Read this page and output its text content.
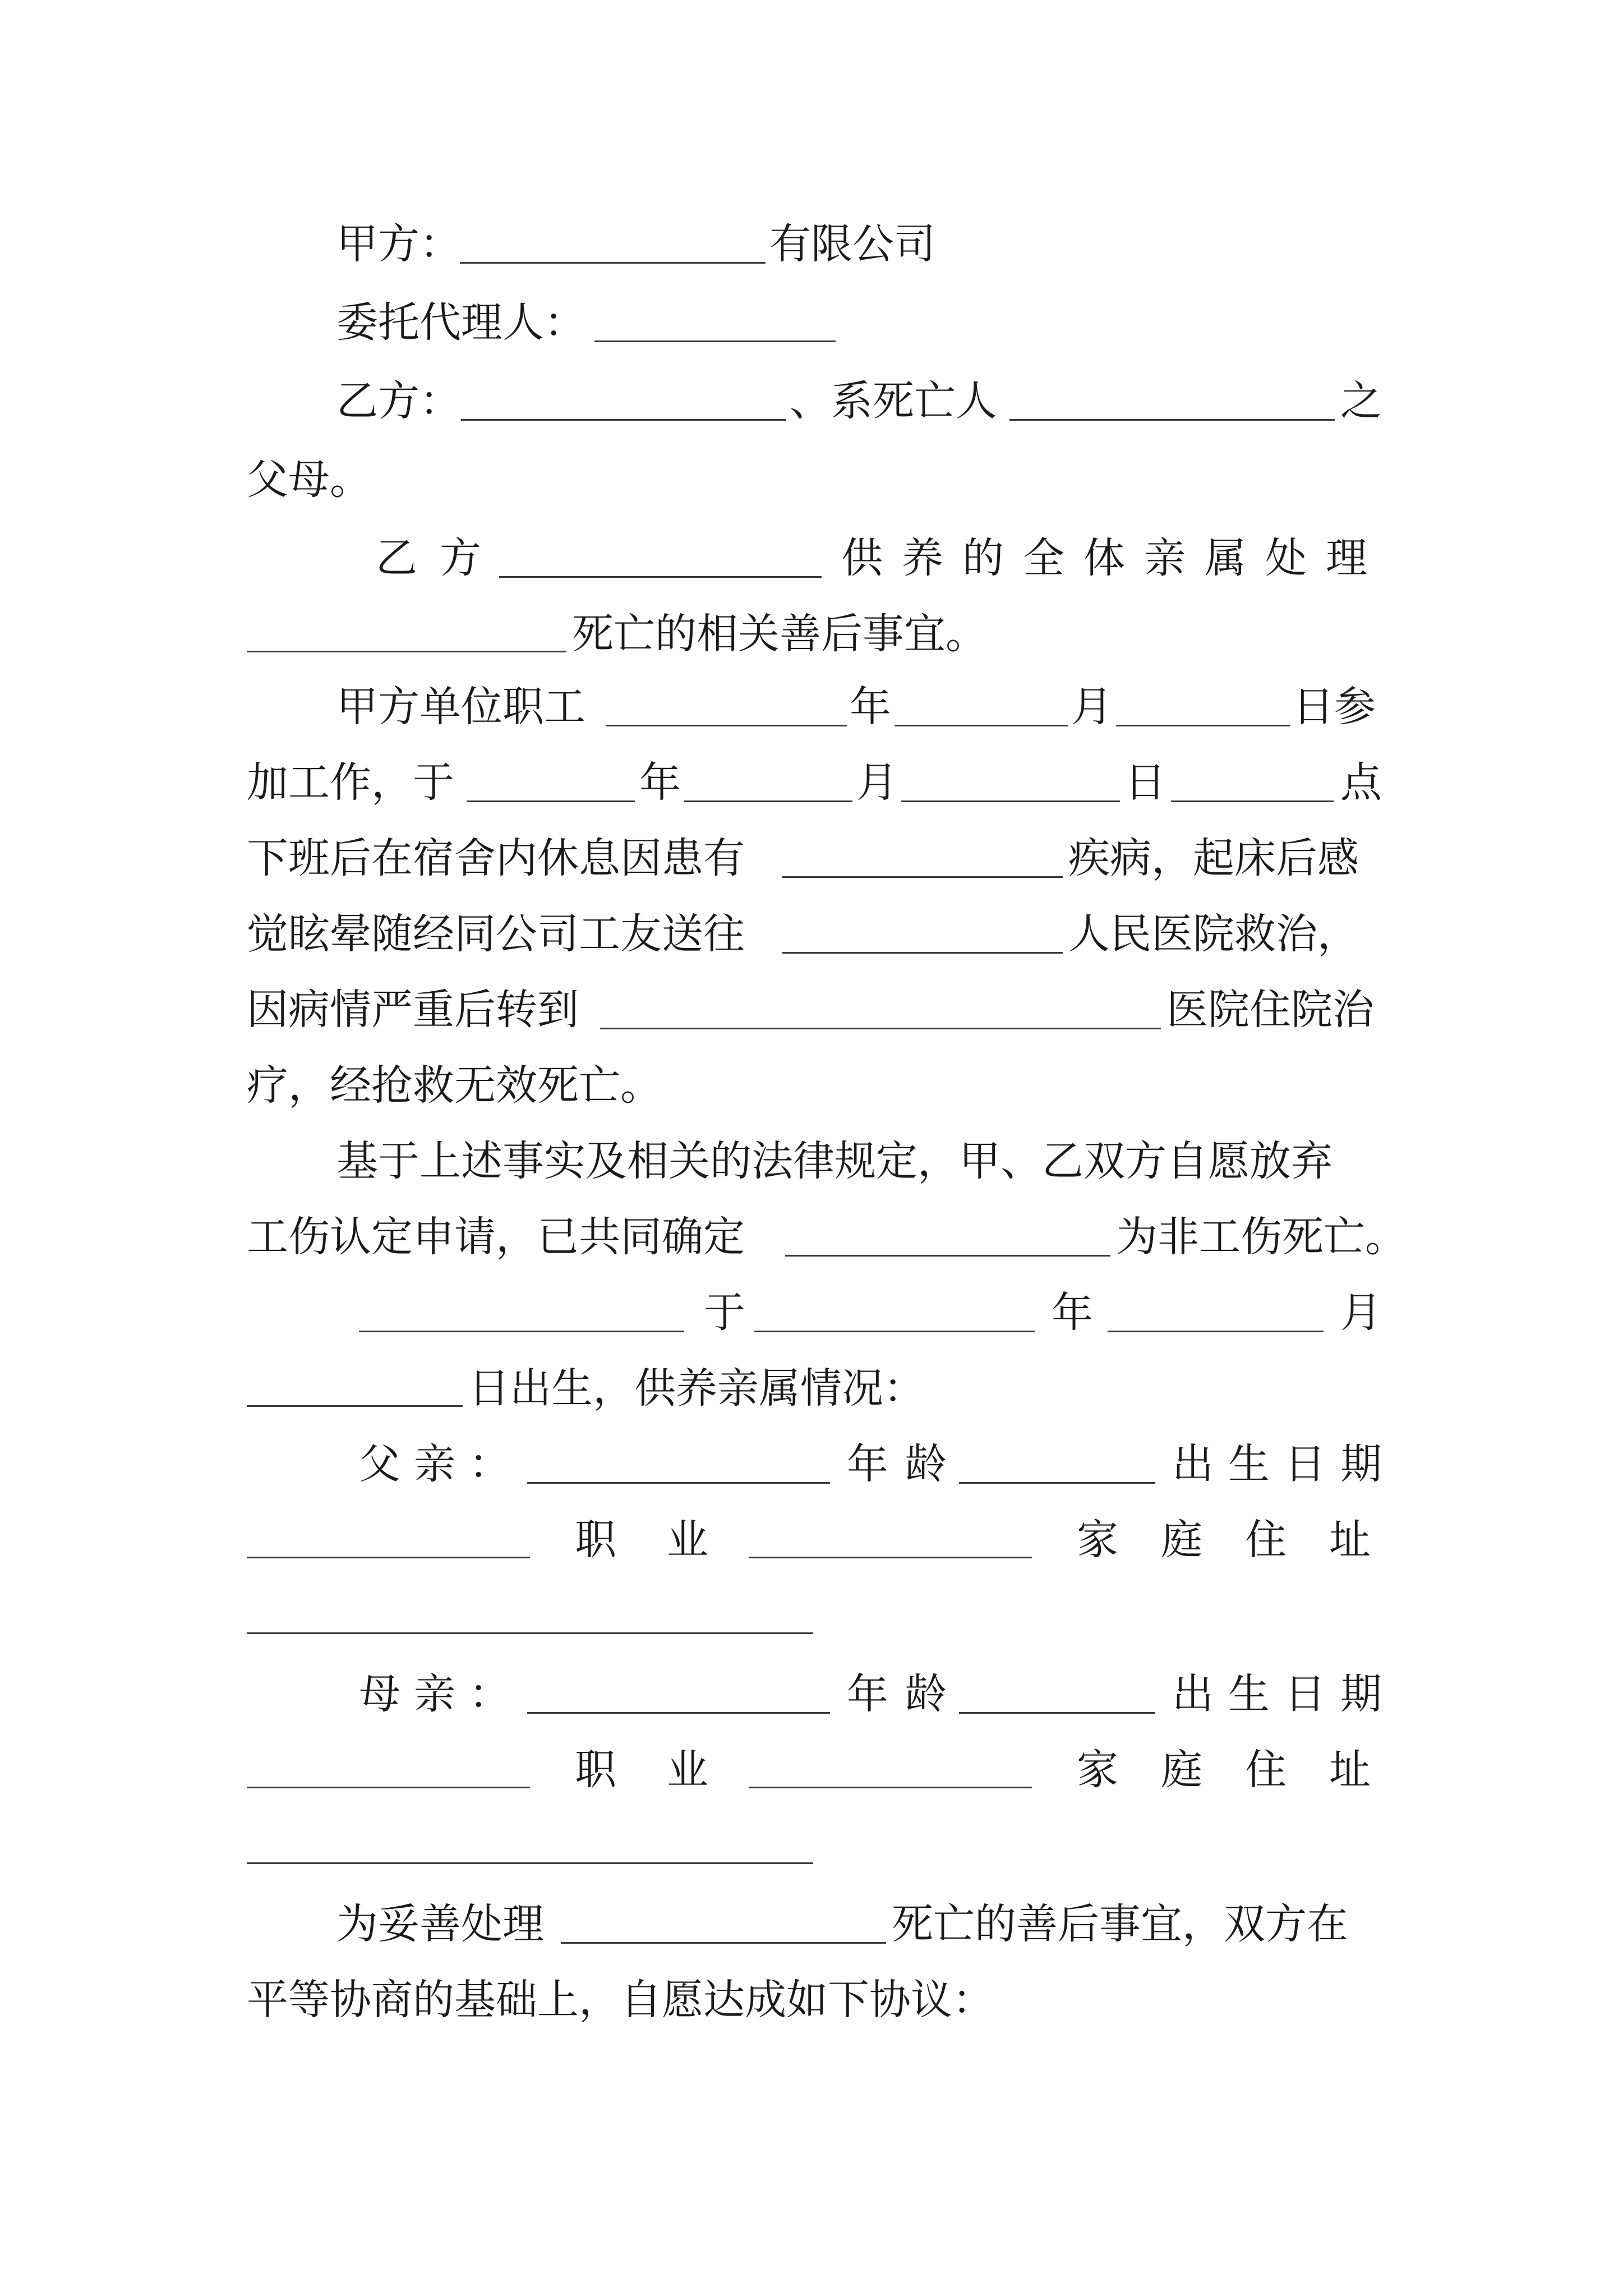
甲方：	有限公司
委托代理人：
乙方：	、系死亡人	之
父母。
乙方	供养的全体亲属处理
死亡的相关善后事宜。
甲方单位职工	年	月	日参
加工作，于	年	月	日	点
下班后在宿舍内休息因患有	疾病，起床后感
觉眩晕随经同公司工友送往	人民医院救治，
因病情严重后转到	医院住院治
疗，经抢救无效死亡。
基于上述事实及相关的法律规定，甲、乙双方自愿放弃
工伤认定申请，已共同确定	为非工伤死亡。
于	年	月
日出生，供养亲属情况：
父亲：	年龄	出生日期
职业	家庭住址
母亲：	年龄	出生日期
职业	家庭住址
为妥善处理	死亡的善后事宜，双方在
平等协商的基础上，自愿达成如下协议：
